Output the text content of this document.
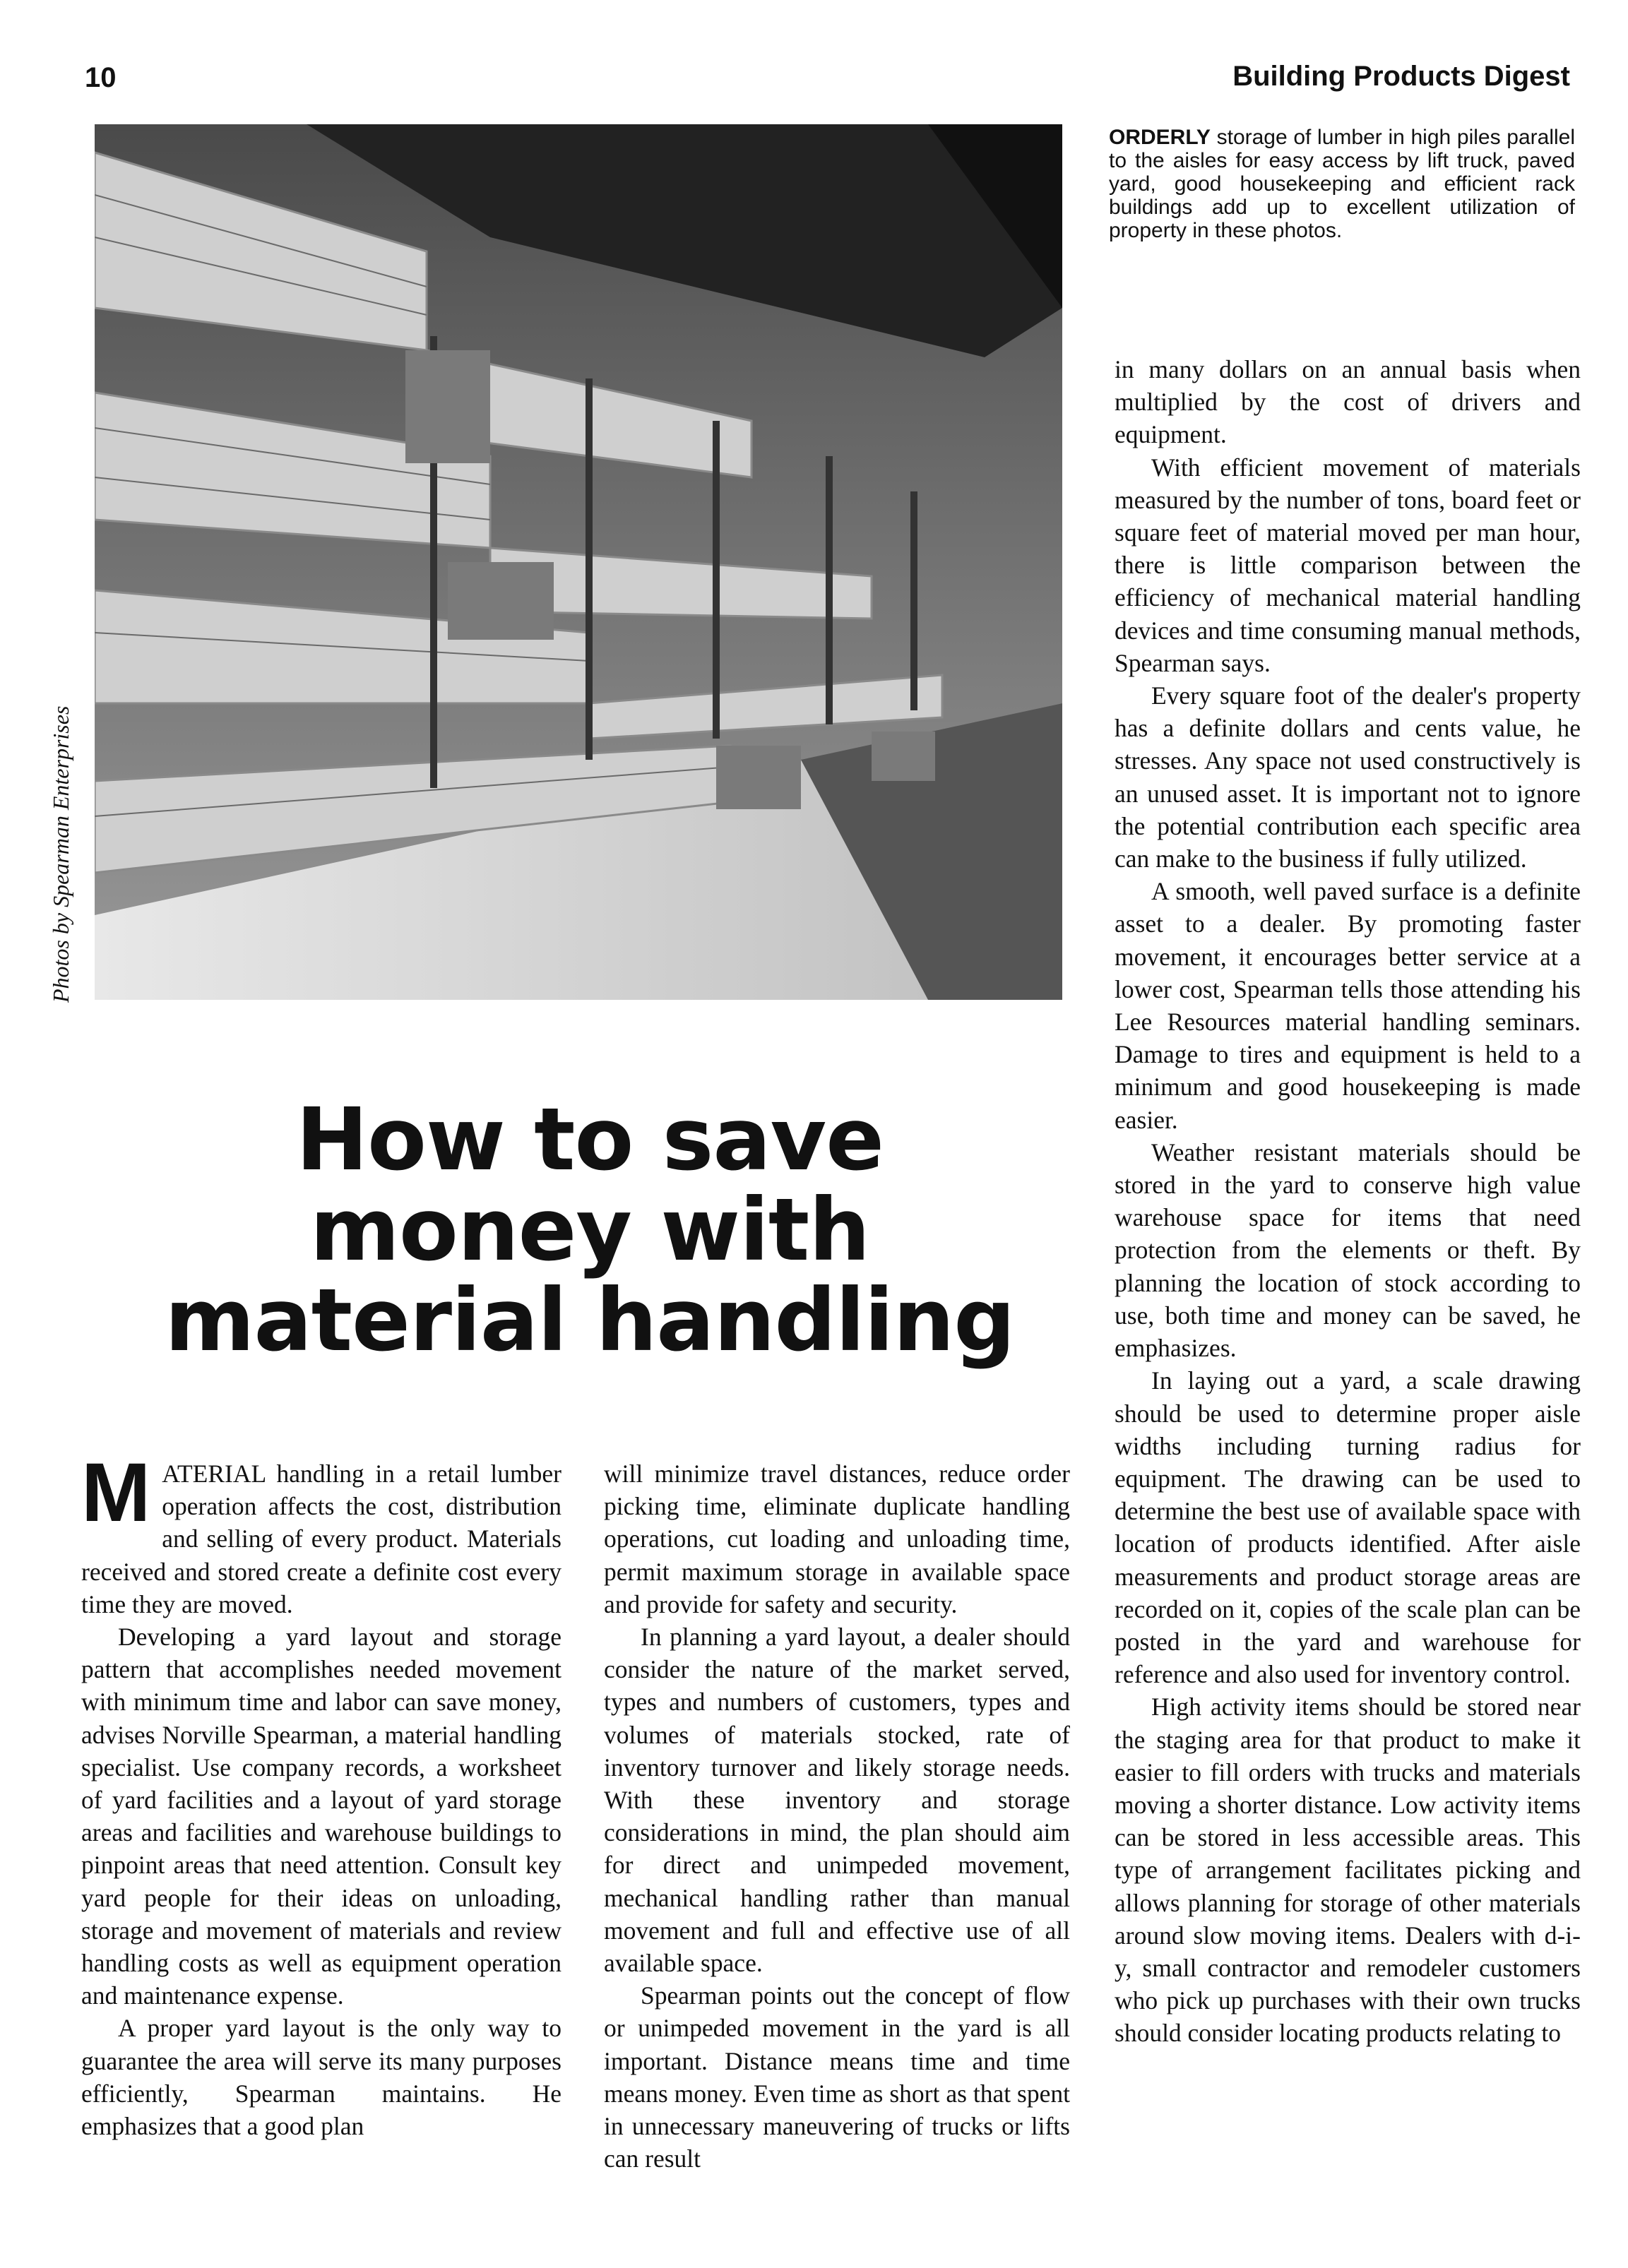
10	Building Products Digest
Photos by Spearman Enterprises
ORDERLY storage of lumber in high piles parallel to the aisles for easy access by lift truck, paved yard, good housekeeping and efficient rack buildings add up to excellent utilization of property in these photos.
How to save
money with
material handling

MATERIAL handling in a retail lumber operation affects the cost, distribution and selling of every product. Materials received and stored create a definite cost every time they are moved.

Developing a yard layout and storage pattern that accomplishes needed movement with minimum time and labor can save money, advises Norville Spearman, a material handling specialist. Use company records, a worksheet of yard facilities and a layout of yard storage areas and facilities and warehouse buildings to pinpoint areas that need attention. Consult key yard people for their ideas on unloading, storage and movement of materials and review handling costs as well as equipment operation and maintenance expense.

A proper yard layout is the only way to guarantee the area will serve its many purposes efficiently, Spearman maintains. He emphasizes that a good plan

will minimize travel distances, reduce order picking time, eliminate duplicate handling operations, cut loading and unloading time, permit maximum storage in available space and provide for safety and security.

In planning a yard layout, a dealer should consider the nature of the market served, types and numbers of customers, types and volumes of materials stocked, rate of inventory turnover and likely storage needs. With these inventory and storage considerations in mind, the plan should aim for direct and unimpeded movement, mechanical handling rather than manual movement and full and effective use of all available space.

Spearman points out the concept of flow or unimpeded movement in the yard is all important. Distance means time and time means money. Even time as short as that spent in unnecessary maneuvering of trucks or lifts can result

in many dollars on an annual basis when multiplied by the cost of drivers and equipment.

With efficient movement of materials measured by the number of tons, board feet or square feet of material moved per man hour, there is little comparison between the efficiency of mechanical material handling devices and time consuming manual methods, Spearman says.

Every square foot of the dealer's property has a definite dollars and cents value, he stresses. Any space not used constructively is an unused asset. It is important not to ignore the potential contribution each specific area can make to the business if fully utilized.

A smooth, well paved surface is a definite asset to a dealer. By promoting faster movement, it encourages better service at a lower cost, Spearman tells those attending his Lee Resources material handling seminars. Damage to tires and equipment is held to a minimum and good housekeeping is made easier.

Weather resistant materials should be stored in the yard to conserve high value warehouse space for items that need protection from the elements or theft. By planning the location of stock according to use, both time and money can be saved, he emphasizes.

In laying out a yard, a scale drawing should be used to determine proper aisle widths including turning radius for equipment. The drawing can be used to determine the best use of available space with location of products identified. After aisle measurements and product storage areas are recorded on it, copies of the scale plan can be posted in the yard and warehouse for reference and also used for inventory control.

High activity items should be stored near the staging area for that product to make it easier to fill orders with trucks and materials moving a shorter distance. Low activity items can be stored in less accessible areas. This type of arrangement facilitates picking and allows planning for storage of other materials around slow moving items. Dealers with d-i-y, small contractor and remodeler customers who pick up purchases with their own trucks should consider locating products relating to
